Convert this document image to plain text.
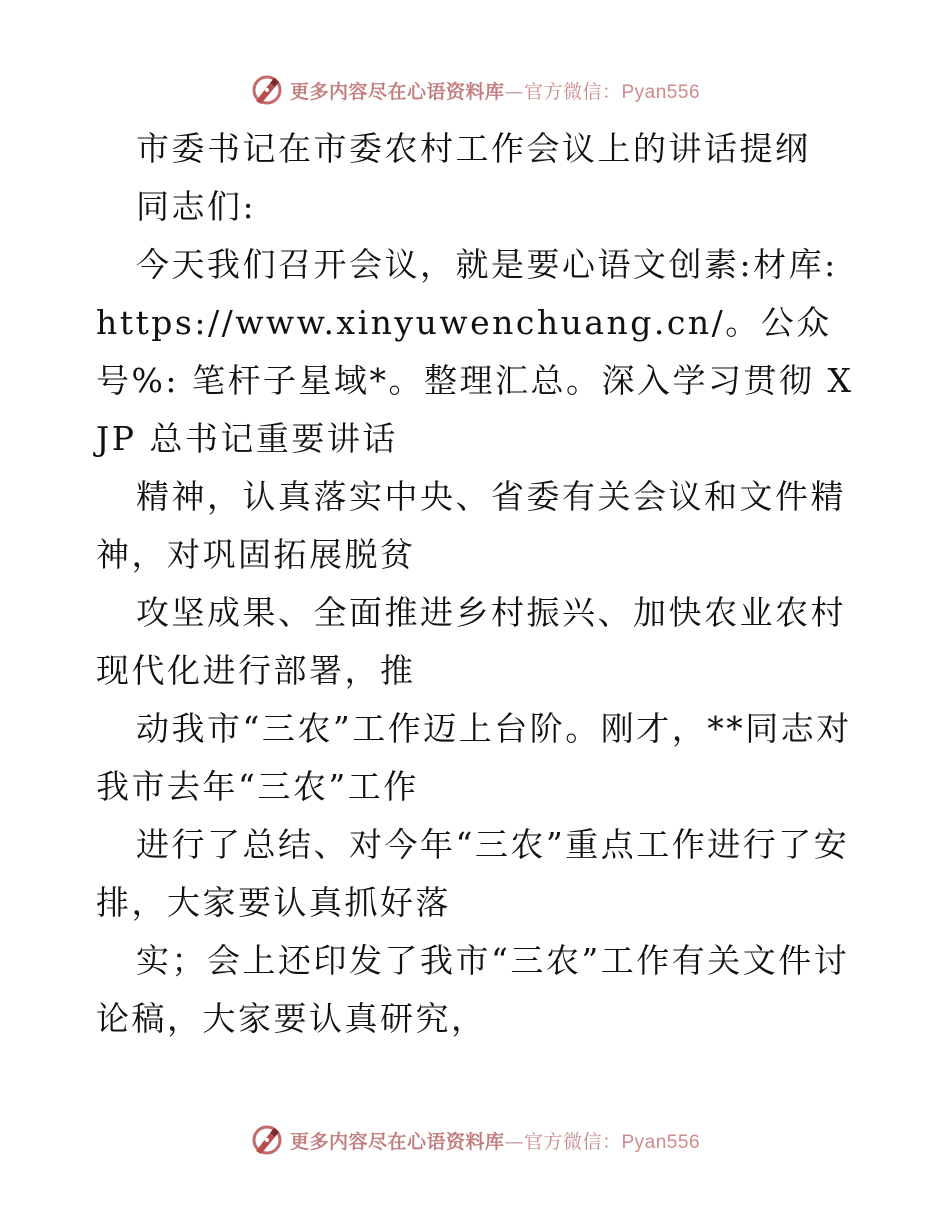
更多内容尽在心语资料库—官方微信：Pyan556

市委书记在市委农村工作会议上的讲话提纲

同志们:

今天我们召开会议，就是要心语文创素:材库: https://www.xinyuwenchuang.cn/。公众号%: 笔杆子星域*。整理汇总。深入学习贯彻 XJP 总书记重要讲话

精神，认真落实中央、省委有关会议和文件精神，对巩固拓展脱贫

攻坚成果、全面推进乡村振兴、加快农业农村现代化进行部署，推

动我市“三农”工作迈上台阶。刚才，**同志对我市去年“三农”工作

进行了总结、对今年“三农”重点工作进行了安排，大家要认真抓好落

实；会上还印发了我市“三农”工作有关文件讨论稿，大家要认真研究，

更多内容尽在心语资料库—官方微信：Pyan556
